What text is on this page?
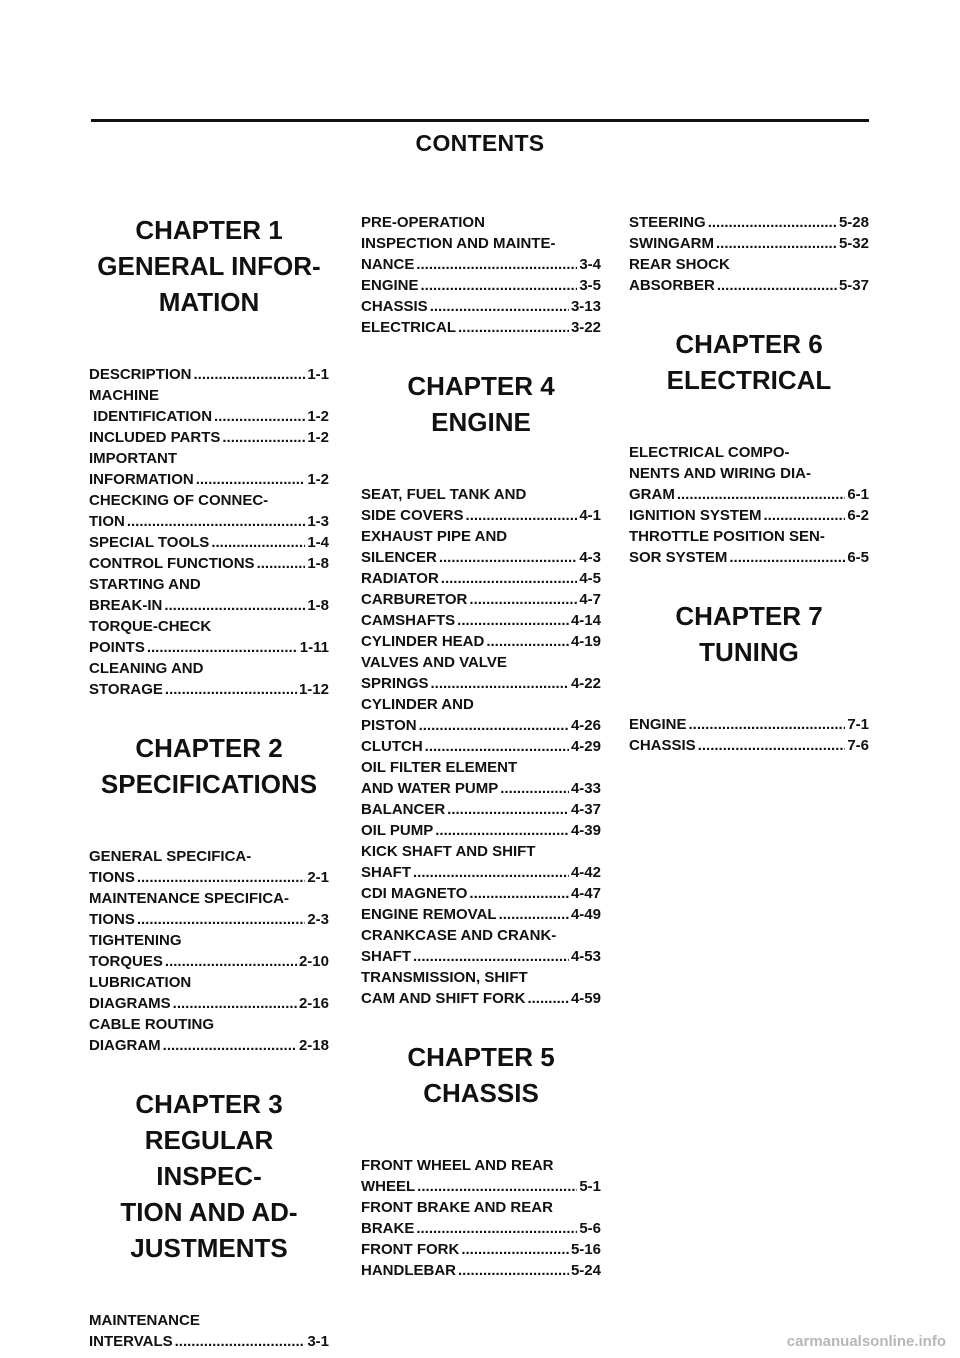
CONTENTS
CHAPTER 1
GENERAL INFOR-
MATION
DESCRIPTION .....	1-1
MACHINE
IDENTIFICATION .....	1-2
INCLUDED PARTS .....	1-2
IMPORTANT
INFORMATION .....	1-2
CHECKING OF CONNEC-
TION .....	1-3
SPECIAL TOOLS .....	1-4
CONTROL FUNCTIONS .....	1-8
STARTING AND
BREAK-IN .....	1-8
TORQUE-CHECK
POINTS .....	1-11
CLEANING AND
STORAGE .....	1-12
CHAPTER 2
SPECIFICATIONS
GENERAL SPECIFICA-
TIONS .....	2-1
MAINTENANCE SPECIFICA-
TIONS .....	2-3
TIGHTENING
TORQUES .....	2-10
LUBRICATION
DIAGRAMS .....	2-16
CABLE ROUTING
DIAGRAM .....	2-18
CHAPTER 3
REGULAR INSPEC-
TION AND AD-
JUSTMENTS
MAINTENANCE
INTERVALS .....	3-1
PRE-OPERATION
INSPECTION AND MAINTE-
NANCE .....	3-4
ENGINE .....	3-5
CHASSIS .....	3-13
ELECTRICAL .....	3-22
CHAPTER 4
ENGINE
SEAT, FUEL TANK AND
SIDE COVERS .....	4-1
EXHAUST PIPE AND
SILENCER .....	4-3
RADIATOR .....	4-5
CARBURETOR .....	4-7
CAMSHAFTS .....	4-14
CYLINDER HEAD .....	4-19
VALVES AND VALVE
SPRINGS .....	4-22
CYLINDER AND
PISTON .....	4-26
CLUTCH .....	4-29
OIL FILTER ELEMENT
AND WATER PUMP .....	4-33
BALANCER .....	4-37
OIL PUMP .....	4-39
KICK SHAFT AND SHIFT
SHAFT .....	4-42
CDI MAGNETO .....	4-47
ENGINE REMOVAL .....	4-49
CRANKCASE AND CRANK-
SHAFT .....	4-53
TRANSMISSION, SHIFT
CAM AND SHIFT FORK .....	4-59
CHAPTER 5
CHASSIS
FRONT WHEEL AND REAR
WHEEL .....	5-1
FRONT BRAKE AND REAR
BRAKE .....	5-6
FRONT FORK .....	5-16
HANDLEBAR .....	5-24
STEERING .....	5-28
SWINGARM .....	5-32
REAR SHOCK
ABSORBER .....	5-37
CHAPTER 6
ELECTRICAL
ELECTRICAL COMPO-
NENTS AND WIRING DIA-
GRAM .....	6-1
IGNITION SYSTEM .....	6-2
THROTTLE POSITION SEN-
SOR SYSTEM .....	6-5
CHAPTER 7
TUNING
ENGINE .....	7-1
CHASSIS .....	7-6
carmanualsonline.info
